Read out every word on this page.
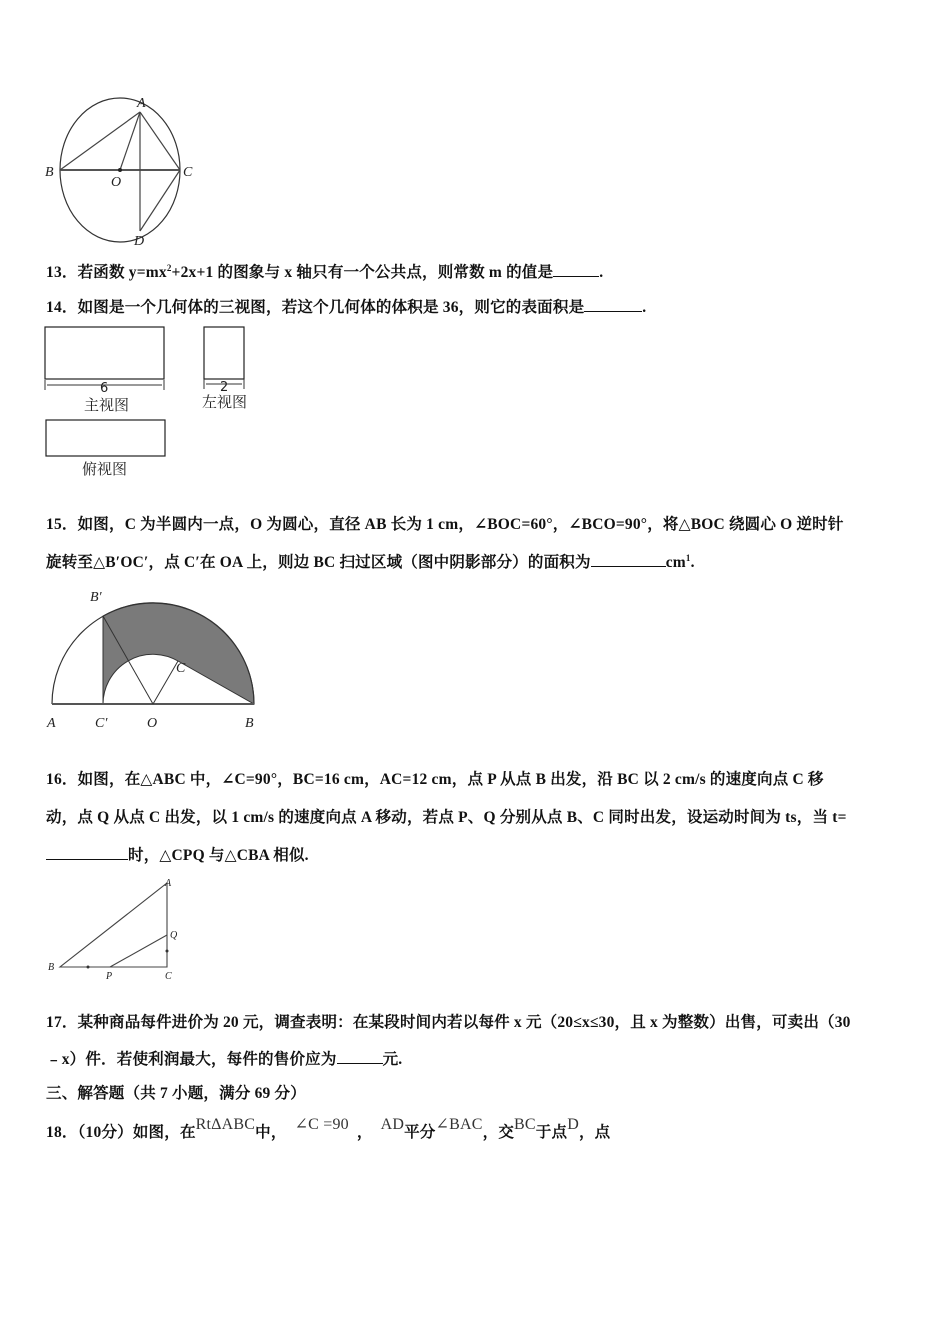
A
B
O
C
D
13．若函数 $y=mx^2+2x+1$ 的图象与 x 轴只有一个公共点，则常数 m 的值是	.
14．如图是一个几何体的三视图，若这个几何体的体积是 36，则它的表面积是	.
6
主视图
2
左视图
俯视图
15．如图，C 为半圆内一点，O 为圆心，直径 AB 长为 1 cm，∠BOC=60°，∠BCO=90°，将△BOC 绕圆心 O 逆时针
旋转至△B′OC′，点 C′在 OA 上，则边 BC 扫过区域（图中阴影部分）的面积为	$cm^1$.
B′
C
A	C′	O	B
16．如图，在△ABC 中，∠C=90°，BC=16 cm，AC=12 cm，点 P 从点 B 出发，沿 BC 以 2 cm/s 的速度向点 C 移
动，点 Q 从点 C 出发，以 1 cm/s 的速度向点 A 移动，若点 P、Q 分别从点 B、C 同时出发，设运动时间为 ts，当 t=
时，△CPQ 与△CBA 相似.
A
Q
B
P	C
17．某种商品每件进价为 20 元，调查表明：在某段时间内若以每件 x 元（20≤x≤30，且 x 为整数）出售，可卖出（30
﹣x）件．若使利润最大，每件的售价应为	元.
三、解答题（共 7 小题，满分 69 分）
18．（10分）如图，在RtΔABC中， ∠C =90 ， AD平分∠BAC，交BC于点D，点
